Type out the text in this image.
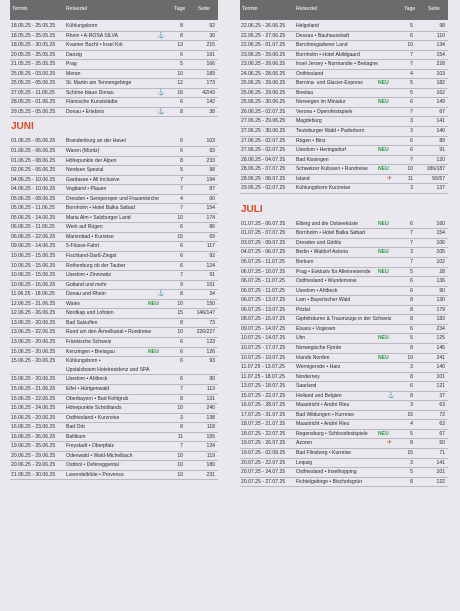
Termin	Reiseziel	Tage Seite
18.05.25 - 25.05.25 Kühlungsborn	8	92
18.05.25 - 25.05.25 Rhein • A-ROSA SILVA	⚓	8	30
18.05.25 - 30.05.25 Kvarner Bucht • Insel Krk	13	215
20.05.25 - 25.05.25 Danzig	6	161
21.05.25 - 25.05.25 Prag	5	166
25.05.25 - 03.06.25 Meran	10	189
25.05.25 - 05.06.25 St. Martin am Tennengebirge	12	173
27.05.25 - 11.06.25 Schöne blaue Donau	⚓	16	42/43
28.05.25 - 01.06.25 Flämische Kunststädte	6	142
29.05.25 - 05.06.25 Donau • Erlebnis	⚓	8	38
JUNI
01.06.25 - 06.06.25 Brandenburg an der Havel	6	103
01.06.25 - 06.06.25 Waren (Müritz)	6	93
01.06.25 - 08.06.25 Höhepunkte der Alpen	8	233
02.06.25 - 06.06.25 Nordsee Spezial	5	98
04.06.25 - 10.06.25 Gardasee • All Inclusive	7	194
04.06.25 - 10.06.25 Vogtland • Plauen	7	87
05.06.25 - 08.06.25 Dresden • Semperoper und Frauenkirche	4	60
05.06.25 - 11.06.25 Bornholm • Hotel Balka Søbad	7	154
05.06.25 - 14.06.25 Maria Alm • Salzburger Land	10	174
06.06.25 - 11.06.25 Werk auf Rügen	6	86
06.06.25 - 22.06.25 Marienbad • Kurreise	15	69
09.06.25 - 14.06.25 5-Flüsse-Fahrt	6	117
10.06.25 - 15.06.25 Fischland-Darß-Zingst	6	92
10.06.25 - 15.06.25 Rothenburg ob der Tauber	6	124
10.06.25 - 15.06.25 Usedom • Zinnowitz	7	91
10.06.25 - 16.06.25 Gotland und mehr	9	151
11.06.25 - 18.06.25 Donau und Rhein	⚓	8	34
12.06.25 - 21.06.25 Wales	NEU	10	150
12.06.25 - 26.06.25 Nordkap und Lofoten	15	146/147
13.06.25 - 20.06.25 Bad Salzuflen	8	73
13.06.25 - 22.06.25 Rund um den Ärmelkanal • Rundreise	10	226/227
13.06.25 - 20.06.25 Fränkische Schweiz	6	123
15.06.25 - 20.06.25 Kenzingen • Breisgau	NEU	6	126
15.06.25 - 20.06.25 Kühlungsborn •
Upstalsboom Hotelresidenz und SPA
6	93
15.06.25 - 20.06.25 Usedom • Ahlbeck	6	90
15.06.25 - 21.06.25 Eifel • Hürtgenwald	7	113
15.06.25 - 22.06.25 Oberbayern • Bad Kohlgrub	8	131
15.06.25 - 24.06.25 Höhepunkte Schottlands	10	240
16.06.25 - 20.06.25 Ostfriesland • Kurzreise	3	138
16.06.25 - 23.06.25 Bad Orb	8	118
16.06.25 - 26.06.25 Baltikum	11	155
19.06.25 - 25.06.25 Freystadt • Oberpfalz	7	124
20.06.25 - 29.06.25 Odenwald • Wald-Michelbach	10	119
20.06.25 - 29.06.25 Osttirol • Defereggental	10	180
21.06.25 - 30.06.25 Lavendelblüte • Provence	10	231
Termin	Reiseziel	Tage Seite
22.06.25 - 26.06.25 Helgoland	5	98
22.06.25 - 27.06.25 Dessau • Bauhausstadt	6	110
22.06.25 - 01.07.25 Berchtesgadener Land	10	134
23.06.25 - 29.06.25 Bornholm • Hotel Abildgaard	7	154
23.06.25 - 29.06.25 Insel Jersey • Normandie • Bretagne	7	228
24.06.25 - 28.06.25 Ostfriesland	4	103
25.06.25 - 29.06.25 Bernina- und Glacier-Express	NEU	5	182
25.06.25 - 29.06.25 Breslau	5	162
25.06.25 - 30.06.25 Norwegen im Miniatur	NEU	6	149
26.06.25 - 02.07.25 Verona • Opernfestspiele	7	67
27.06.25 - 29.06.25 Magdeburg	3	141
27.06.25 - 30.06.25 Teutoburger Wald • Paderborn	3	140
27.06.25 - 02.07.25 Rügen • Binz	6	89
27.06.25 - 02.07.25 Usedom • Heringsdorf	NEU	6	91
28.06.25 - 04.07.25 Bad Kissingen	7	120
28.06.25 - 07.07.25 Schweizer Kulissen • Rundreise NEU	10	186/187
28.06.25 - 08.07.25 Island	✈	11	56/57
29.06.25 - 02.07.25 Kühlungsborn Kurzreise	3	137
JULI
01.07.25 - 06.07.25 Elbing und die Ostseeküste	NEU	6	160
01.07.25 - 07.07.25 Bornholm • Hotel Balka Søbad	7	154
03.07.25 - 09.07.25 Dresden und Görlitz	7	106
04.07.25 - 06.07.25 Berlin • Waldorf Astoria	NEU	3	105
05.07.25 - 11.07.25 Borkum	7	102
06.07.25 - 10.07.25 Prag • Exklusiv für Alleinreisende NEU	5	28
06.07.25 - 11.07.25 Ostfriesland • Wunderreise	6	136
06.07.25 - 11.07.25 Usedom • Ahlbeck	6	90
06.07.25 - 13.07.25 Lam • Bayerischer Wald	8	130
06.07.25 - 13.07.25 Pitztal	8	179
08.07.25 - 15.07.25 Gipfelträume & Traumzüge in der Schweiz	8	183
09.07.25 - 14.07.25 Elsass • Vogesen	6	234
10.07.25 - 14.07.25 Ulm	NEU	5	125
10.07.25 - 17.07.25 Norwegische Fjorde	8	145
10.07.25 - 19.07.25 Irlands Norden	NEU	10	241
11.07.25 - 13.07.25 Wernigerode • Harz	3	140
11.07.25 - 18.07.25 Norderney	8	101
13.07.25 - 18.07.25 Saarland	6	121
15.07.25 - 22.07.25 Holland und Belgien	⚓	8	37
16.07.25 - 28.07.25 Maastricht • André Rieu	3	63
17.07.25 - 31.07.25 Bad Wildungen • Kurreise	15	72
18.07.25 - 21.07.25 Maastricht • André Rieu	4	63
18.07.25 - 22.07.25 Regensburg • Schlossfestspiele NEU	5	67
19.07.25 - 26.07.25 Azoren	✈	8	50
19.07.25 - 02.08.25 Bad Flinsberg • Kurreise	15	71
20.07.25 - 22.07.25 Leipzig	3	141
20.07.25 - 24.07.25 Ostfriesland • Inselhopping	5	101
20.07.25 - 27.07.25 Fichtelgebirge • Bischofsgrün	8	122
